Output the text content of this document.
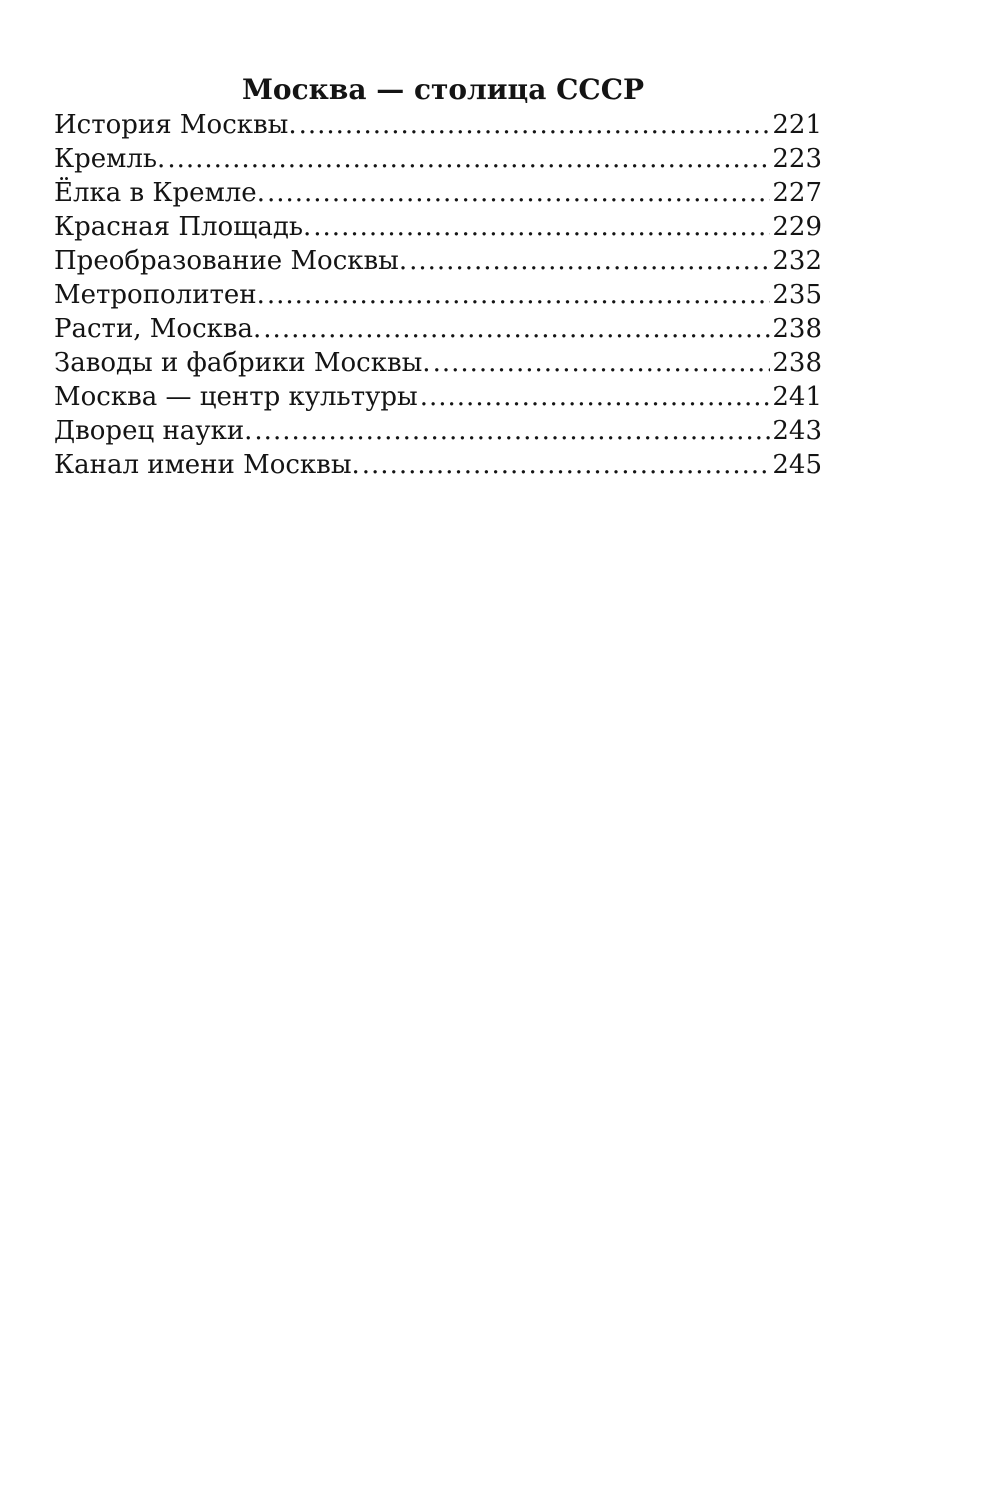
Москва — столица СССР
История Москвы. .....	221
Кремль. .....	223
Ёлка в Кремле. .....	227
Красная Площадь. .....	229
Преобразование Москвы. .....	232
Метрополитен. .....	235
Расти, Москва. .....	238
Заводы и фабрики Москвы. .....	238
Москва — центр культуры .....	241
Дворец науки. .....	243
Канал имени Москвы. .....	245
